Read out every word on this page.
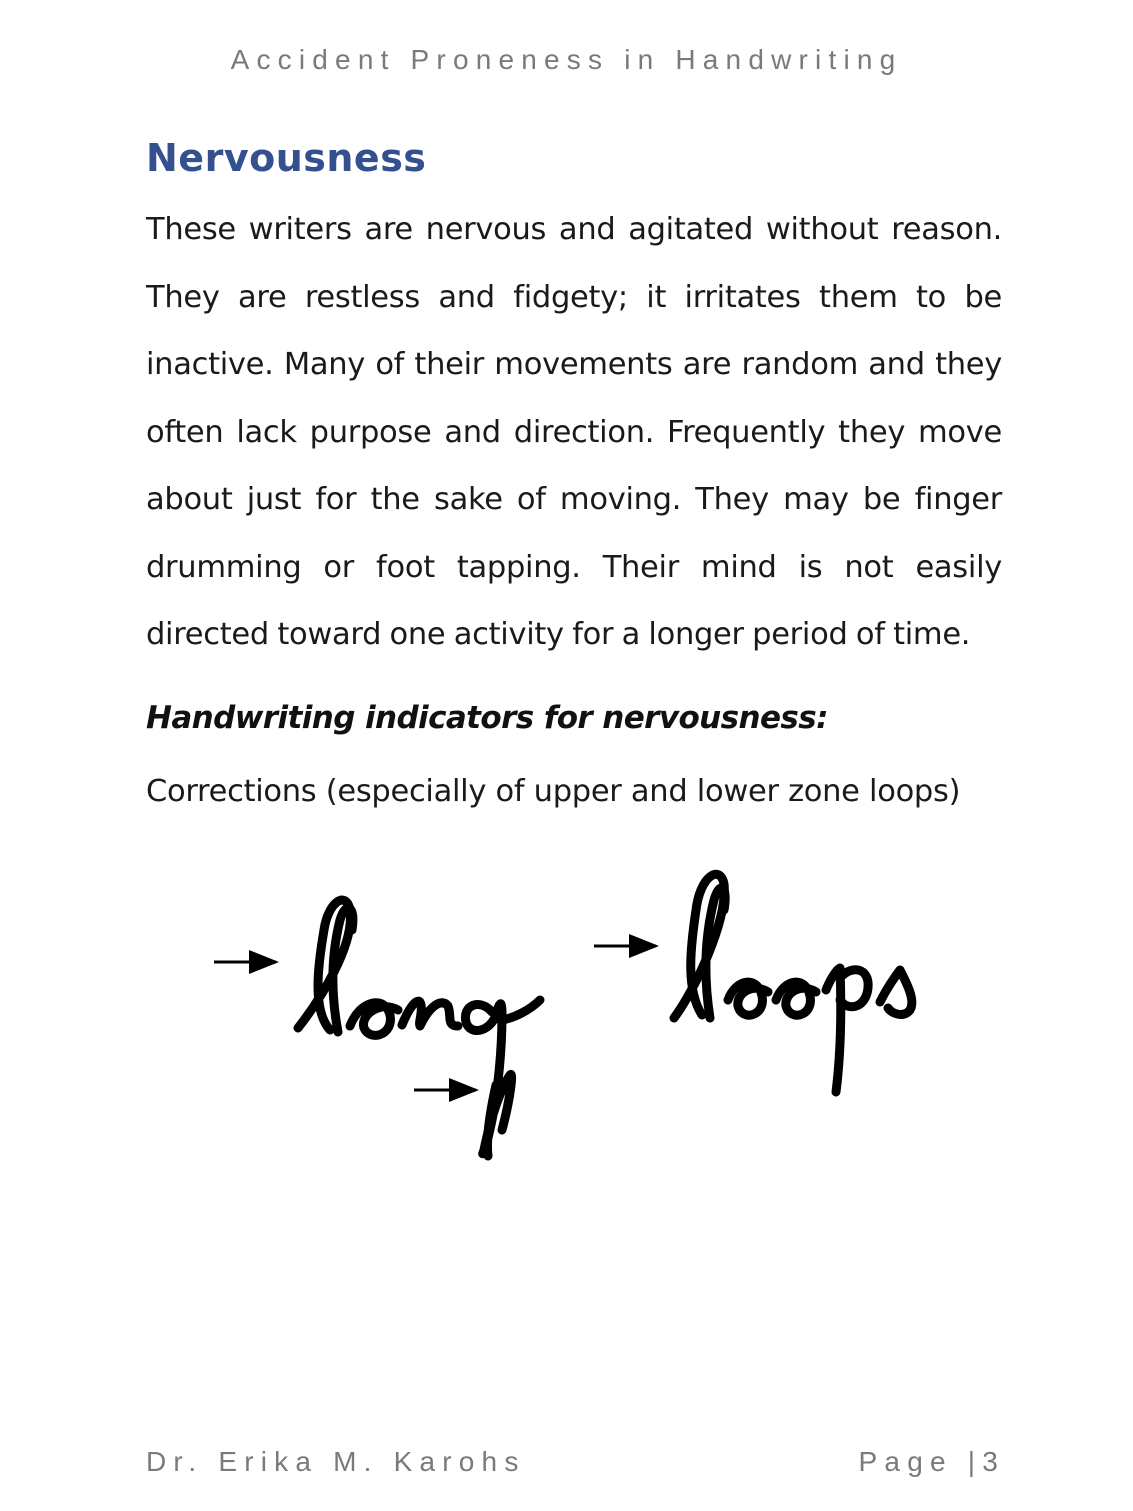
Accident Proneness in Handwriting
Nervousness

These writers are nervous and agitated without reason. They are restless and fidgety; it irritates them to be inactive. Many of their movements are random and they often lack purpose and direction. Frequently they move about just for the sake of moving. They may be finger drumming or foot tapping. Their mind is not easily directed toward one activity for a longer period of time.

Handwriting indicators for nervousness:
Corrections (especially of upper and lower zone loops)
Dr. Erika M. Karohs	Page |3
